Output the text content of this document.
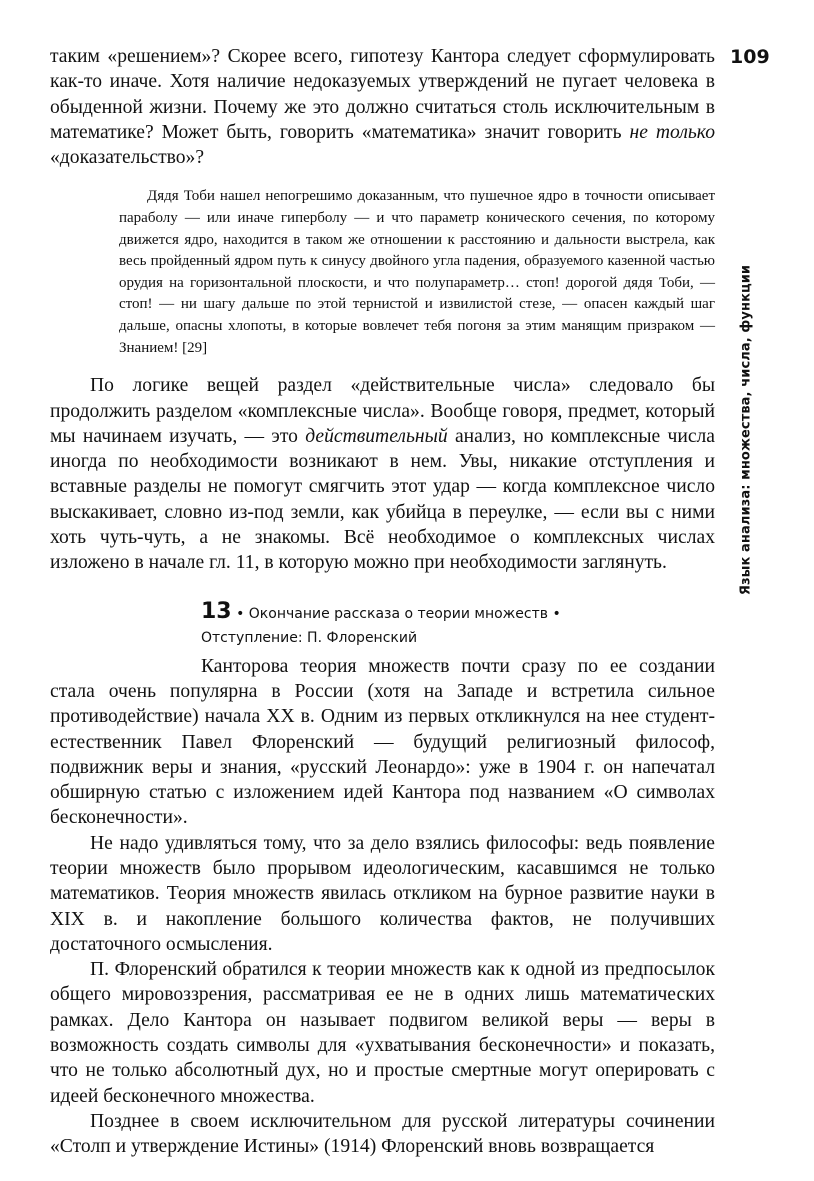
109
Язык анализа: множества, числа, функции

таким «решением»? Скорее всего, гипотезу Кантора следует сформулировать как-то иначе. Хотя наличие недоказуемых утверждений не пугает человека в обыденной жизни. Почему же это должно считаться столь исключительным в математике? Может быть, говорить «математика» значит говорить не только «доказательство»?

Дядя Тоби нашел непогрешимо доказанным, что пушечное ядро в точности описывает параболу — или иначе гиперболу — и что параметр конического сечения, по которому движется ядро, находится в таком же отношении к расстоянию и дальности выстрела, как весь пройденный ядром путь к синусу двойного угла падения, образуемого казенной частью орудия на горизонтальной плоскости, и что полупараметр… стоп! дорогой дядя Тоби, — стоп! — ни шагу дальше по этой тернистой и извилистой стезе, — опасен каждый шаг дальше, опасны хлопоты, в которые вовлечет тебя погоня за этим манящим призраком — Знанием! [29]

По логике вещей раздел «действительные числа» следовало бы продолжить разделом «комплексные числа». Вообще говоря, предмет, который мы начинаем изучать, — это действительный анализ, но комплексные числа иногда по необходимости возникают в нем. Увы, никакие отступления и вставные разделы не помогут смягчить этот удар — когда комплексное число выскакивает, словно из-под земли, как убийца в переулке, — если вы с ними хоть чуть-чуть, а не знакомы. Всё необходимое о комплексных числах изложено в начале гл. 11, в которую можно при необходимости заглянуть.

13 • Окончание рассказа о теории множеств •
Отступление: П. Флоренский

Канторова теория множеств почти сразу по ее создании стала очень популярна в России (хотя на Западе и встретила сильное противодействие) начала XX в. Одним из первых откликнулся на нее студент-естественник Павел Флоренский — будущий религиозный философ, подвижник веры и знания, «русский Леонардо»: уже в 1904 г. он напечатал обширную статью с изложением идей Кантора под названием «О символах бесконечности».

Не надо удивляться тому, что за дело взялись философы: ведь появление теории множеств было прорывом идеологическим, касавшимся не только математиков. Теория множеств явилась откликом на бурное развитие науки в XIX в. и накопление большого количества фактов, не получивших достаточного осмысления.

П. Флоренский обратился к теории множеств как к одной из предпосылок общего мировоззрения, рассматривая ее не в одних лишь математических рамках. Дело Кантора он называет подвигом великой веры — веры в возможность создать символы для «ухватывания бесконечности» и показать, что не только абсолютный дух, но и простые смертные могут оперировать с идеей бесконечного множества.

Позднее в своем исключительном для русской литературы сочинении «Столп и утверждение Истины» (1914) Флоренский вновь возвращается
